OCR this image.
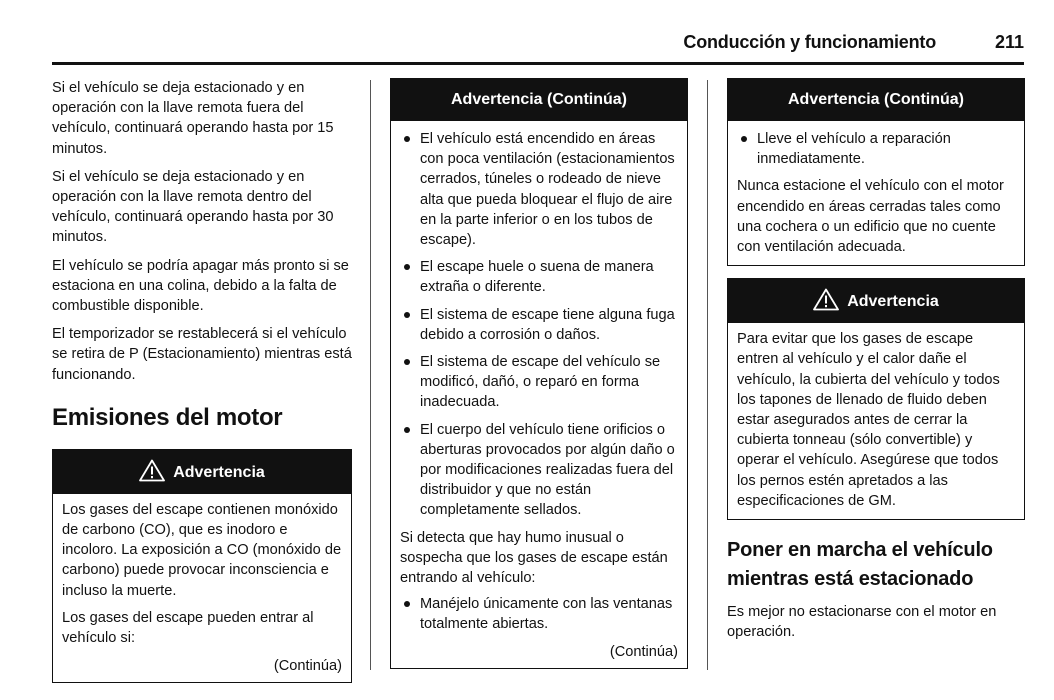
Conducción y funcionamiento	211

Si el vehículo se deja estacionado y en operación con la llave remota fuera del vehículo, continuará operando hasta por 15 minutos.

Si el vehículo se deja estacionado y en operación con la llave remota dentro del vehículo, continuará operando hasta por 30 minutos.

El vehículo se podría apagar más pronto si se estaciona en una colina, debido a la falta de combustible disponible.

El temporizador se restablecerá si el vehículo se retira de P (Estacionamiento) mientras está funcionando.

Emisiones del motor
Advertencia

Los gases del escape contienen monóxido de carbono (CO), que es inodoro e incoloro. La exposición a CO (monóxido de carbono) puede provocar inconsciencia e incluso la muerte.

Los gases del escape pueden entrar al vehículo si:

(Continúa)
Advertencia (Continúa)
El vehículo está encendido en áreas con poca ventilación (estacionamientos cerrados, túneles o rodeado de nieve alta que pueda bloquear el flujo de aire en la parte inferior o en los tubos de escape).
El escape huele o suena de manera extraña o diferente.
El sistema de escape tiene alguna fuga debido a corrosión o daños.
El sistema de escape del vehículo se modificó, dañó, o reparó en forma inadecuada.
El cuerpo del vehículo tiene orificios o aberturas provocados por algún daño o por modificaciones realizadas fuera del distribuidor y que no están completamente sellados.

Si detecta que hay humo inusual o sospecha que los gases de escape están entrando al vehículo:

Manéjelo únicamente con las ventanas totalmente abiertas.
(Continúa)
Advertencia (Continúa)
Lleve el vehículo a reparación inmediatamente.

Nunca estacione el vehículo con el motor encendido en áreas cerradas tales como una cochera o un edificio que no cuente con ventilación adecuada.

Advertencia

Para evitar que los gases de escape entren al vehículo y el calor dañe el vehículo, la cubierta del vehículo y todos los tapones de llenado de fluido deben estar asegurados antes de cerrar la cubierta tonneau (sólo convertible) y operar el vehículo. Asegúrese que todos los pernos estén apretados a las especificaciones de GM.

Poner en marcha el vehículo mientras está estacionado

Es mejor no estacionarse con el motor en operación.
